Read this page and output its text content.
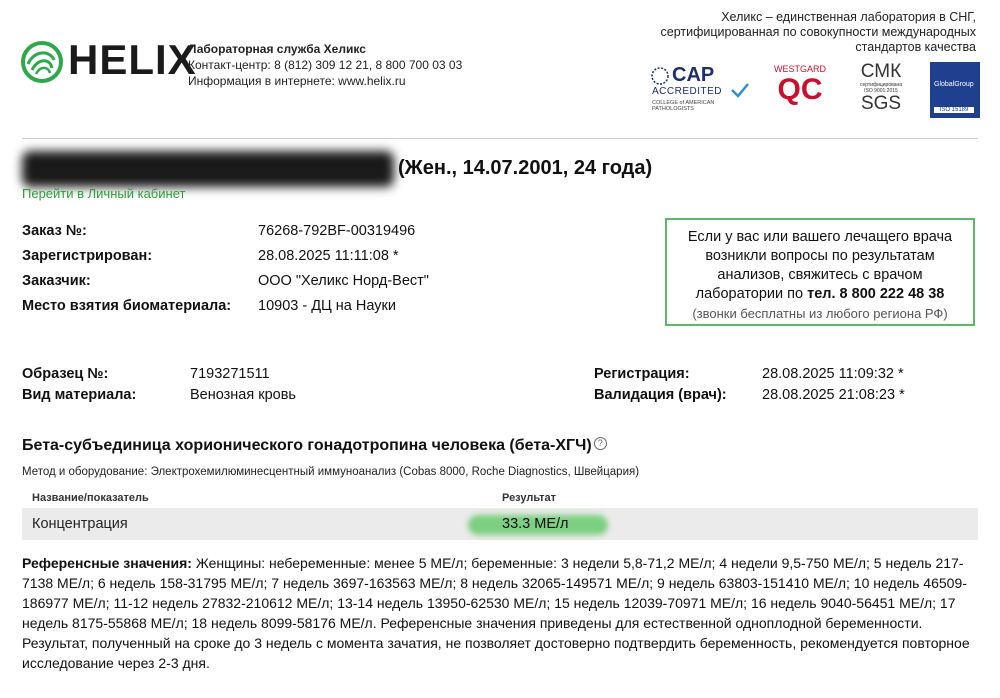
HELIX
Лабораторная служба Хеликс
Контакт-центр: 8 (812) 309 12 21, 8 800 700 03 03
Информация в интернете: www.helix.ru
Хеликс – единственная лаборатория в СНГ,
сертифицированная по совокупности международных
стандартов качества
CAP
ACCREDITED
COLLEGE of AMERICAN PATHOLOGISTS
WESTGARD
QC
СМК
сертифицирована ISO 9001:2015
SGS
GlobalGroup
ISO 15189
(Жен., 14.07.2001, 24 года)
Перейти в Личный кабинет
Заказ №:	76268-792BF-00319496
Зарегистрирован:	28.08.2025 11:11:08 *
Заказчик:	ООО "Хеликс Норд-Вест"
Место взятия биоматериала: 10903 - ДЦ на Науки
Если у вас или вашего лечащего врача
возникли вопросы по результатам
анализов, свяжитесь с врачом
лаборатории по тел. 8 800 222 48 38
(звонки бесплатны из любого региона РФ)
Образец №:	7193271511
Вид материала:	Венозная кровь
Регистрация:	28.08.2025 11:09:32 *
Валидация (врач): 28.08.2025 21:08:23 *
Бета-субъединица хорионического гонадотропина человека (бета-ХГЧ) ?
Метод и оборудование: Электрохемилюминесцентный иммуноанализ (Cobas 8000, Roche Diagnostics, Швейцария)
Название/показатель	Результат
Концентрация	33.3 МЕ/л
Референсные значения: Женщины: небеременные: менее 5 МЕ/л; беременные: 3 недели 5,8-71,2 МЕ/л; 4 недели 9,5-750 МЕ/л; 5 недель 217-7138 МЕ/л; 6 недель 158-31795 МЕ/л; 7 недель 3697-163563 МЕ/л; 8 недель 32065-149571 МЕ/л; 9 недель 63803-151410 МЕ/л; 10 недель 46509-186977 МЕ/л; 11-12 недель 27832-210612 МЕ/л; 13-14 недель 13950-62530 МЕ/л; 15 недель 12039-70971 МЕ/л; 16 недель 9040-56451 МЕ/л; 17 недель 8175-55868 МЕ/л; 18 недель 8099-58176 МЕ/л. Референсные значения приведены для естественной одноплодной беременности. Результат, полученный на сроке до 3 недель с момента зачатия, не позволяет достоверно подтвердить беременность, рекомендуется повторное исследование через 2-3 дня.
